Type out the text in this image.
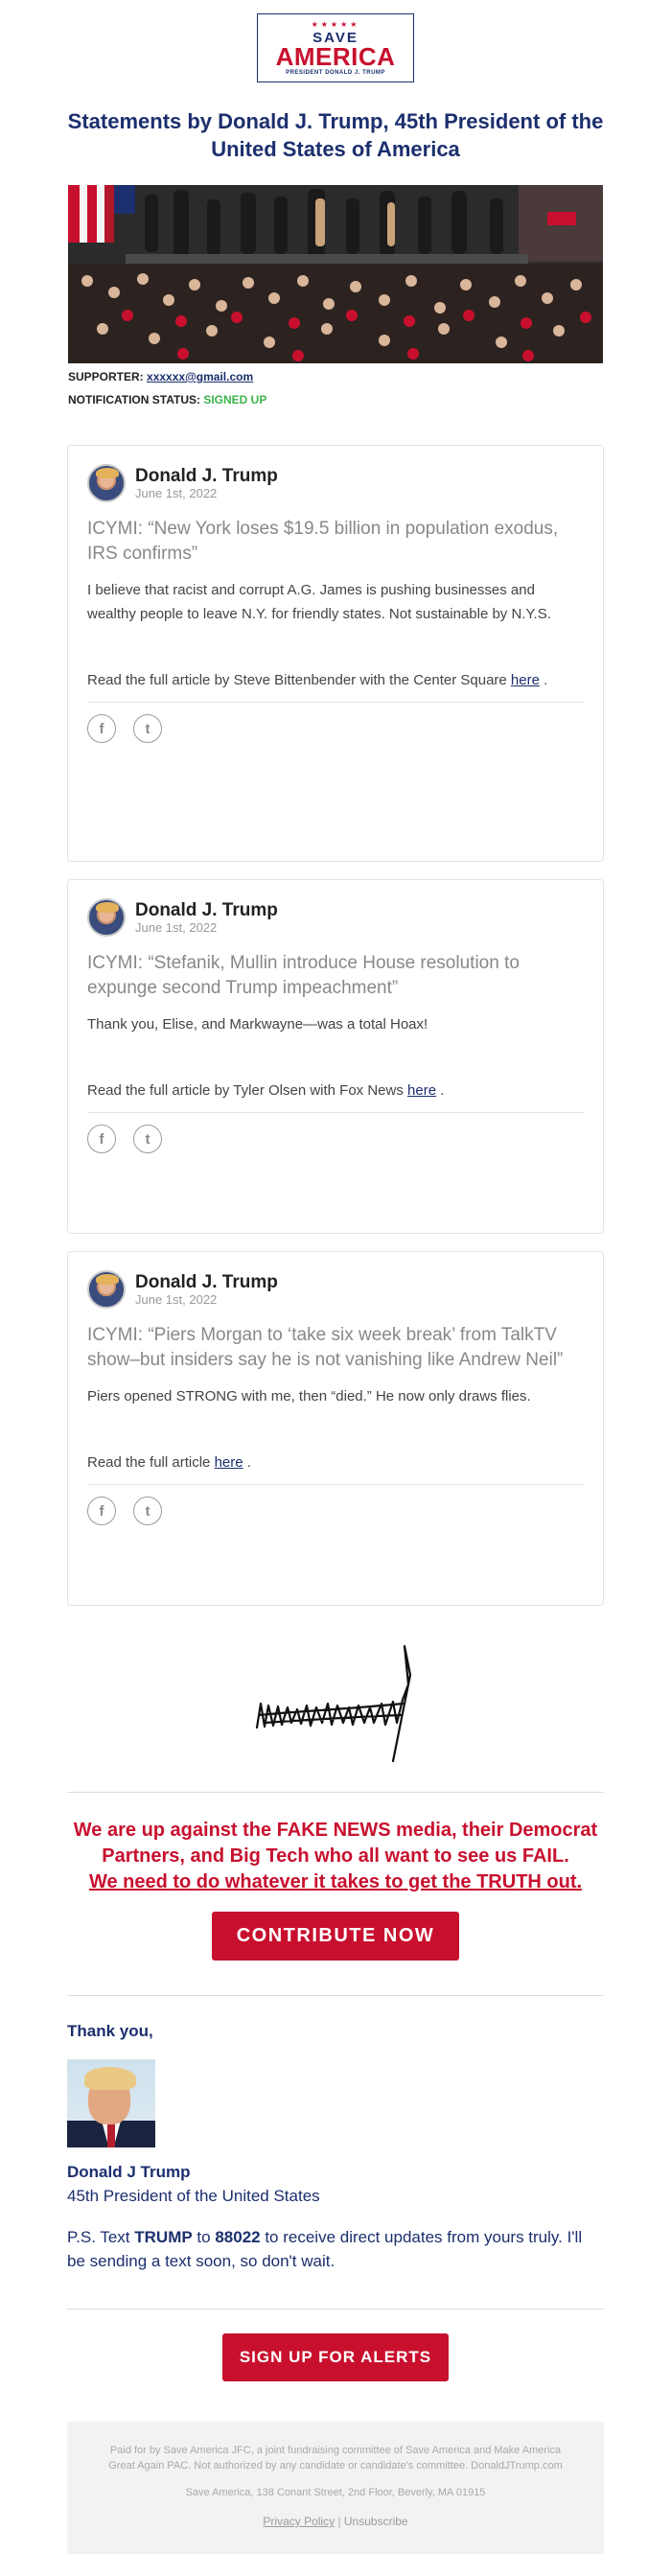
★★★★★
SAVE
AMERICA
PRESIDENT DONALD J. TRUMP
Statements by Donald J. Trump, 45th President of the United States of America
SUPPORTER: xxxxxx@gmail.com
NOTIFICATION STATUS: SIGNED UP
Donald J. Trump
June 1st, 2022
ICYMI: “New York loses $19.5 billion in population exodus, IRS confirms”
I believe that racist and corrupt A.G. James is pushing businesses and wealthy people to leave N.Y. for friendly states. Not sustainable by N.Y.S.
Read the full article by Steve Bittenbender with the Center Square here .
f	t
Donald J. Trump
June 1st, 2022
ICYMI: “Stefanik, Mullin introduce House resolution to expunge second Trump impeachment”
Thank you, Elise, and Markwayne—was a total Hoax!
Read the full article by Tyler Olsen with Fox News here .
f	t
Donald J. Trump
June 1st, 2022
ICYMI: “Piers Morgan to ‘take six week break’ from TalkTV show–but insiders say he is not vanishing like Andrew Neil”
Piers opened STRONG with me, then “died.” He now only draws flies.
Read the full article here .
f	t
We are up against the FAKE NEWS media, their Democrat Partners, and Big Tech who all want to see us FAIL.
We need to do whatever it takes to get the TRUTH out.
CONTRIBUTE NOW
Thank you,
Donald J Trump
45th President of the United States
P.S. Text TRUMP to 88022 to receive direct updates from yours truly. I'll be sending a text soon, so don't wait.
SIGN UP FOR ALERTS
Paid for by Save America JFC, a joint fundraising committee of Save America and Make America Great Again PAC. Not authorized by any candidate or candidate's committee. DonaldJTrump.com
Save America, 138 Conant Street, 2nd Floor, Beverly, MA 01915
Privacy Policy | Unsubscribe
